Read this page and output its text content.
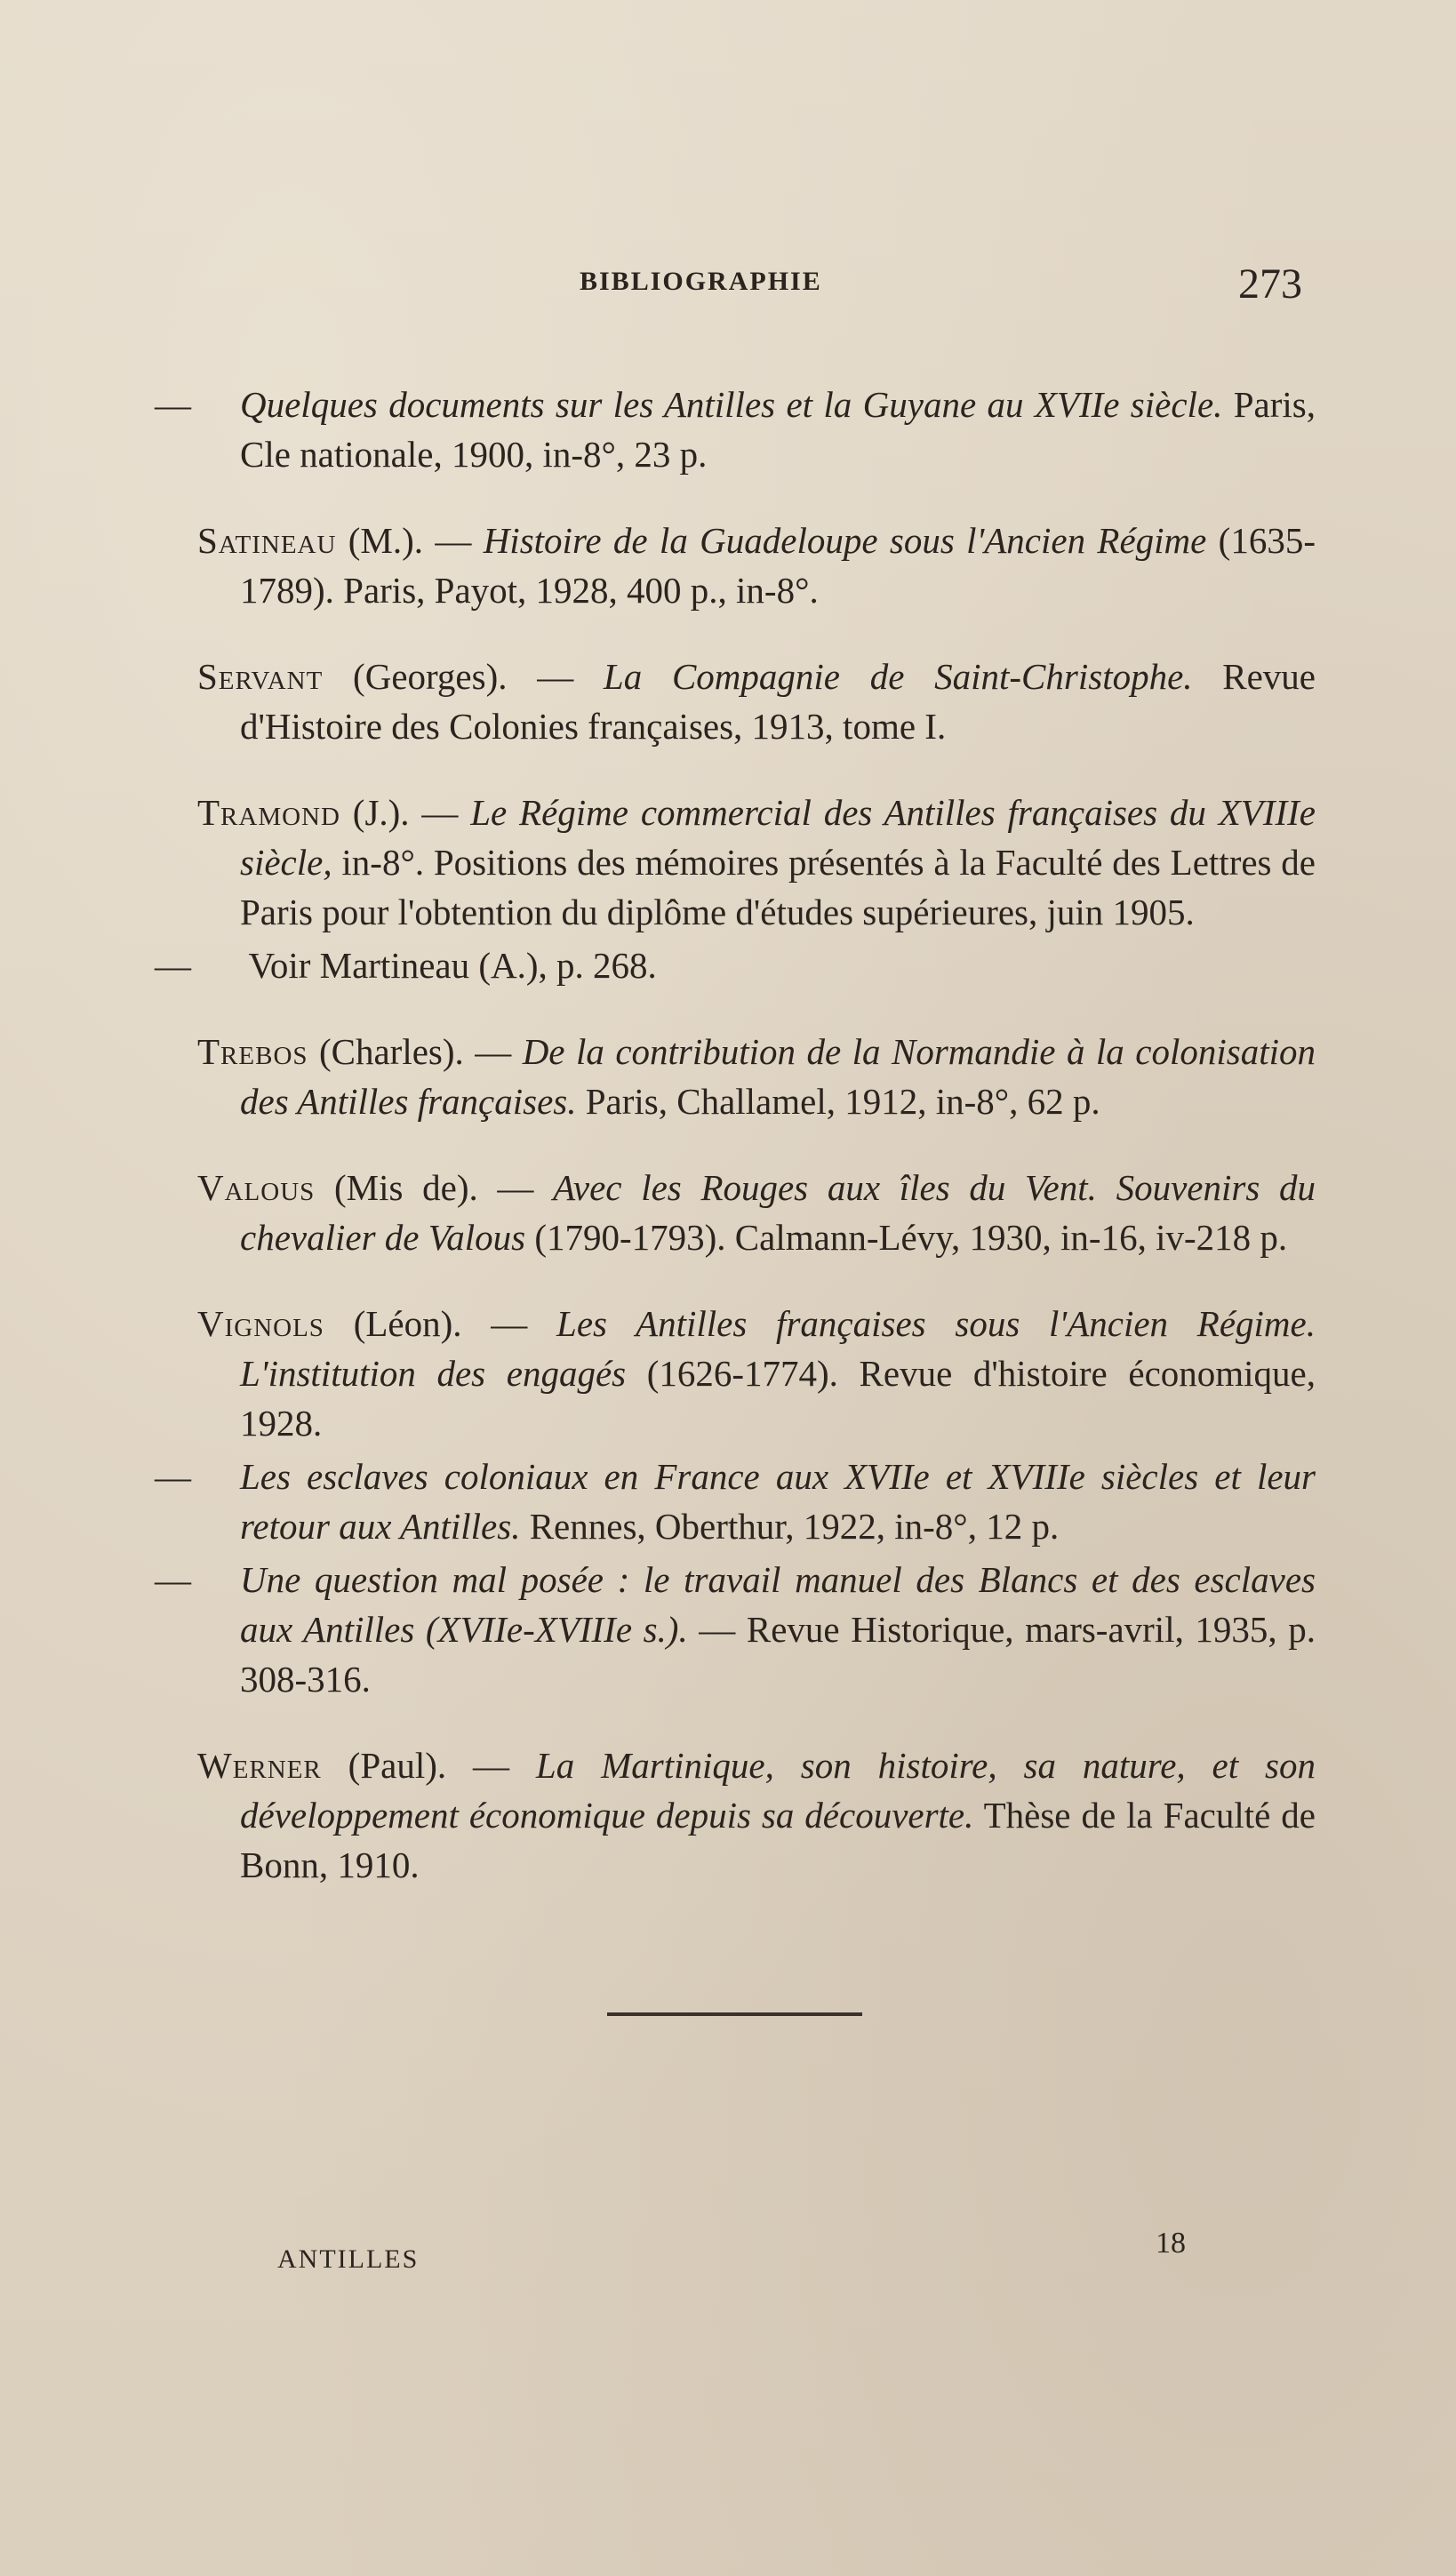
BIBLIOGRAPHIE	273

— Quelques documents sur les Antilles et la Guyane au XVIIe siècle. Paris, Cle nationale, 1900, in-8°, 23 p.

Satineau (M.). — Histoire de la Guadeloupe sous l'Ancien Régime (1635-1789). Paris, Payot, 1928, 400 p., in-8°.

Servant (Georges). — La Compagnie de Saint-Christophe. Revue d'Histoire des Colonies françaises, 1913, tome I.

Tramond (J.). — Le Régime commercial des Antilles françaises du XVIIIe siècle, in-8°. Positions des mémoires présentés à la Faculté des Lettres de Paris pour l'obtention du diplôme d'études supérieures, juin 1905.

— Voir Martineau (A.), p. 268.

Trebos (Charles). — De la contribution de la Normandie à la colonisation des Antilles françaises. Paris, Challamel, 1912, in-8°, 62 p.

Valous (Mis de). — Avec les Rouges aux îles du Vent. Souvenirs du chevalier de Valous (1790-1793). Calmann-Lévy, 1930, in-16, iv-218 p.

Vignols (Léon). — Les Antilles françaises sous l'Ancien Régime. L'institution des engagés (1626-1774). Revue d'histoire économique, 1928.

— Les esclaves coloniaux en France aux XVIIe et XVIIIe siècles et leur retour aux Antilles. Rennes, Oberthur, 1922, in-8°, 12 p.

— Une question mal posée : le travail manuel des Blancs et des esclaves aux Antilles (XVIIe-XVIIIe s.). — Revue Historique, mars-avril, 1935, p. 308-316.

Werner (Paul). — La Martinique, son histoire, sa nature, et son développement économique depuis sa découverte. Thèse de la Faculté de Bonn, 1910.

ANTILLES	18
